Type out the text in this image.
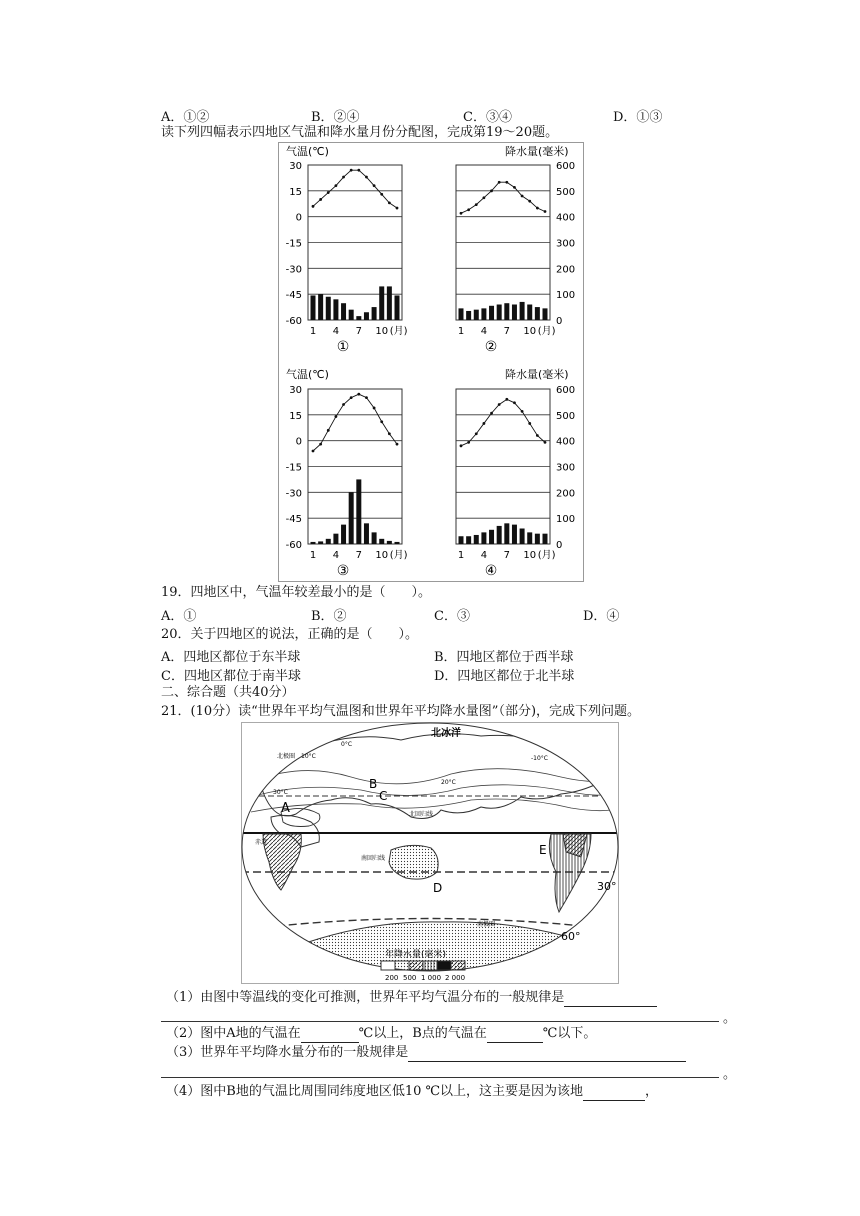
A．①②	B．②④	C．③④	D．①③
读下列四幅表示四地区气温和降水量月份分配图，完成第19～20题。
气温(℃)	降水量(毫米)
气温(℃)	降水量(毫米)
30
15
0
-15
-30
-45
-60
1 4 7 10 (月)
①
600
500
400
300
200
100
0
1 4 7 10 (月)
②
30
15
0
-15
-30
-45
-60
1 4 7 10 (月)
③
600
500
400
300
200
100
0
1 4 7 10 (月)
④
19．四地区中，气温年较差最小的是（　　）。
A．①	B．②	C．③	D．④
20．关于四地区的说法，正确的是（　　）。
A．四地区都位于东半球	B．四地区都位于西半球
C．四地区都位于南半球	D．四地区都位于北半球
二、综合题（共40分）
21．(10分）读“世界年平均气温图和世界年平均降水量图”（部分)，完成下列问题。
北冰洋
北极圈
北回归线
赤道
南回归线
南极圈
A
B
C
D
E
10°C
0°C
20°C
30°C
-10°C
30°
60°
年降水量(毫米)
200 500 1 000 2 000
（1）由图中等温线的变化可推测，世界年平均气温分布的一般规律是
。
（2）图中A地的气温在	℃以上，B点的气温在	℃以下。
（3）世界年平均降水量分布的一般规律是
。
（4）图中B地的气温比周围同纬度地区低10 ℃以上，这主要是因为该地	，
